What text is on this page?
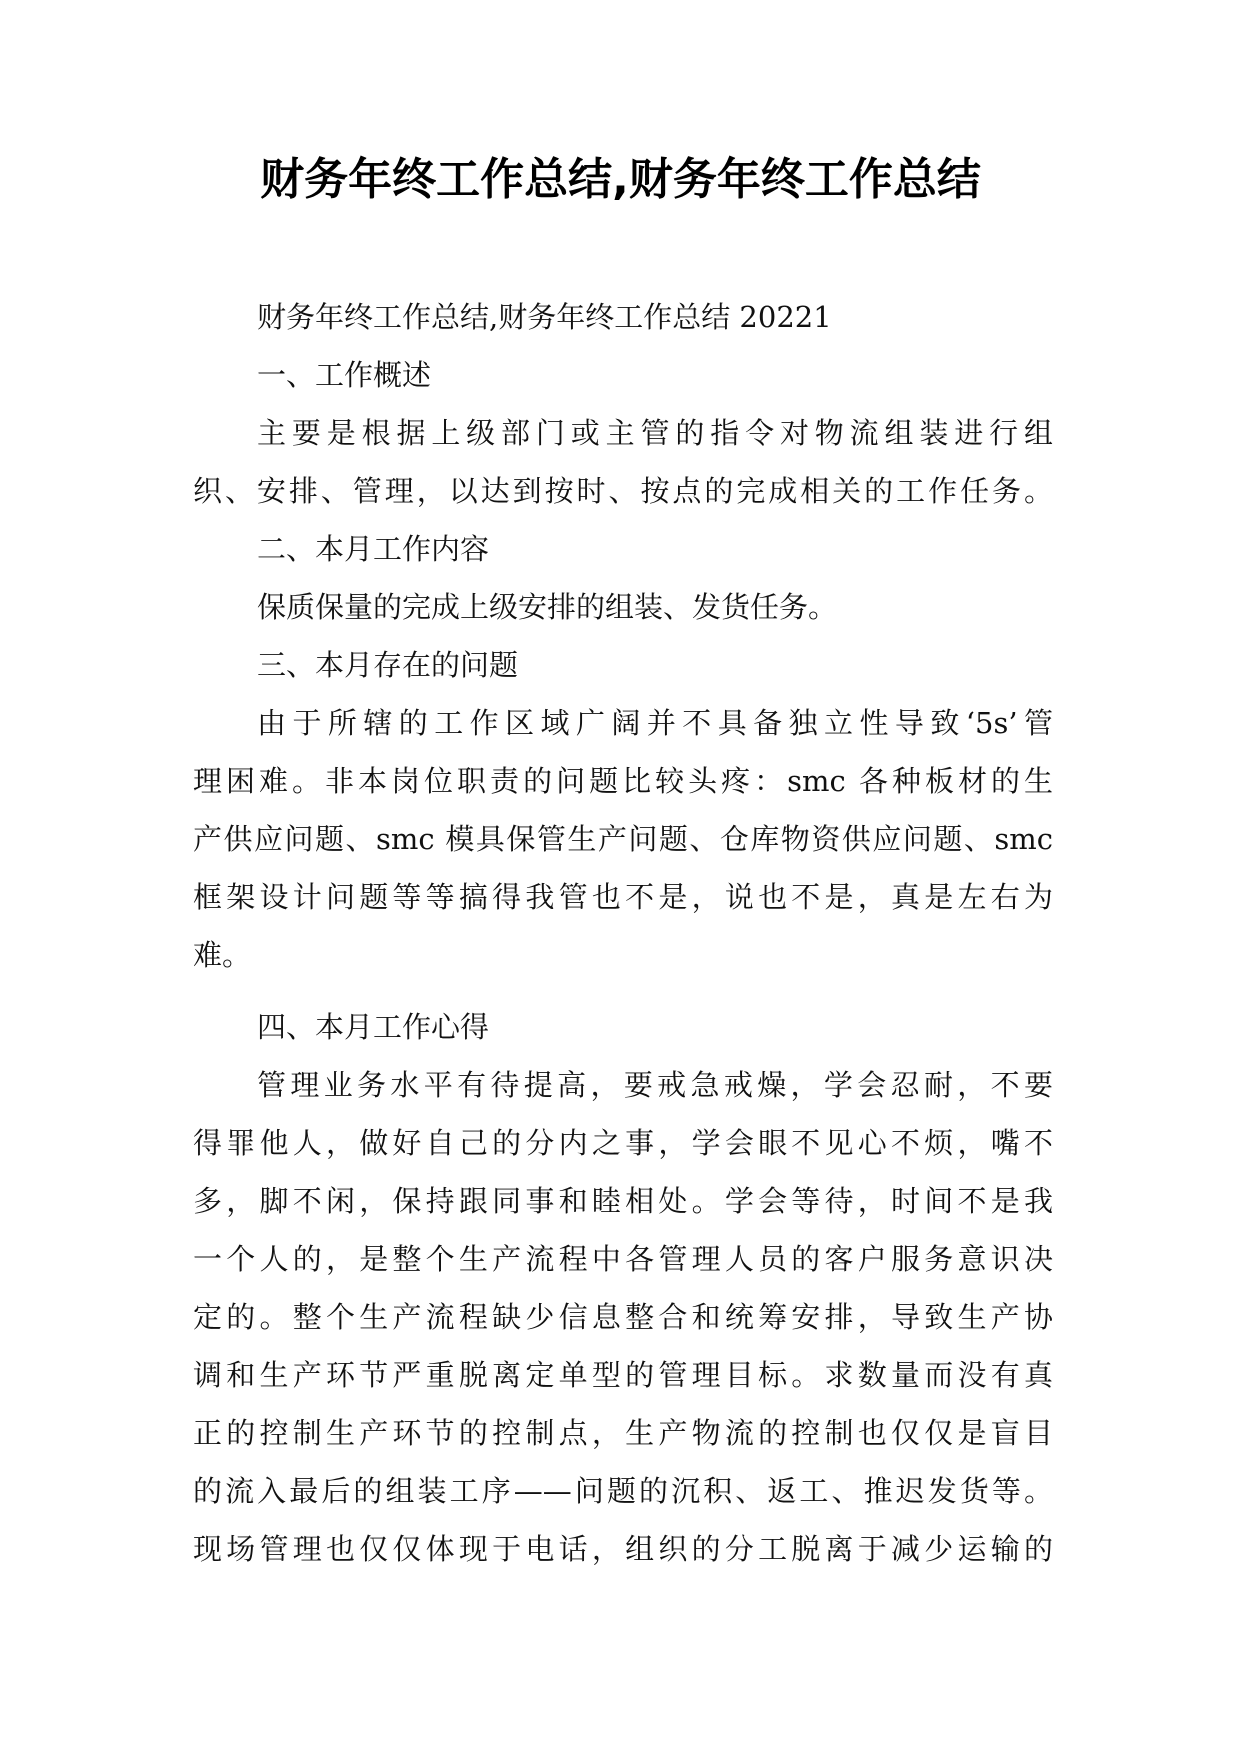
财务年终工作总结,财务年终工作总结
财务年终工作总结,财务年终工作总结 20221
一、工作概述
主要是根据上级部门或主管的指令对物流组装进行组
织、安排、管理，以达到按时、按点的完成相关的工作任务。
二、本月工作内容
保质保量的完成上级安排的组装、发货任务。
三、本月存在的问题
由于所辖的工作区域广阔并不具备独立性导致‘5s’管
理困难。非本岗位职责的问题比较头疼：smc 各种板材的生
产供应问题、smc 模具保管生产问题、仓库物资供应问题、smc
框架设计问题等等搞得我管也不是，说也不是，真是左右为
难。
四、本月工作心得
管理业务水平有待提高，要戒急戒燥，学会忍耐，不要
得罪他人，做好自己的分内之事，学会眼不见心不烦，嘴不
多，脚不闲，保持跟同事和睦相处。学会等待，时间不是我
一个人的，是整个生产流程中各管理人员的客户服务意识决
定的。整个生产流程缺少信息整合和统筹安排，导致生产协
调和生产环节严重脱离定单型的管理目标。求数量而没有真
正的控制生产环节的控制点，生产物流的控制也仅仅是盲目
的流入最后的组装工序——问题的沉积、返工、推迟发货等。
现场管理也仅仅体现于电话，组织的分工脱离于减少运输的
